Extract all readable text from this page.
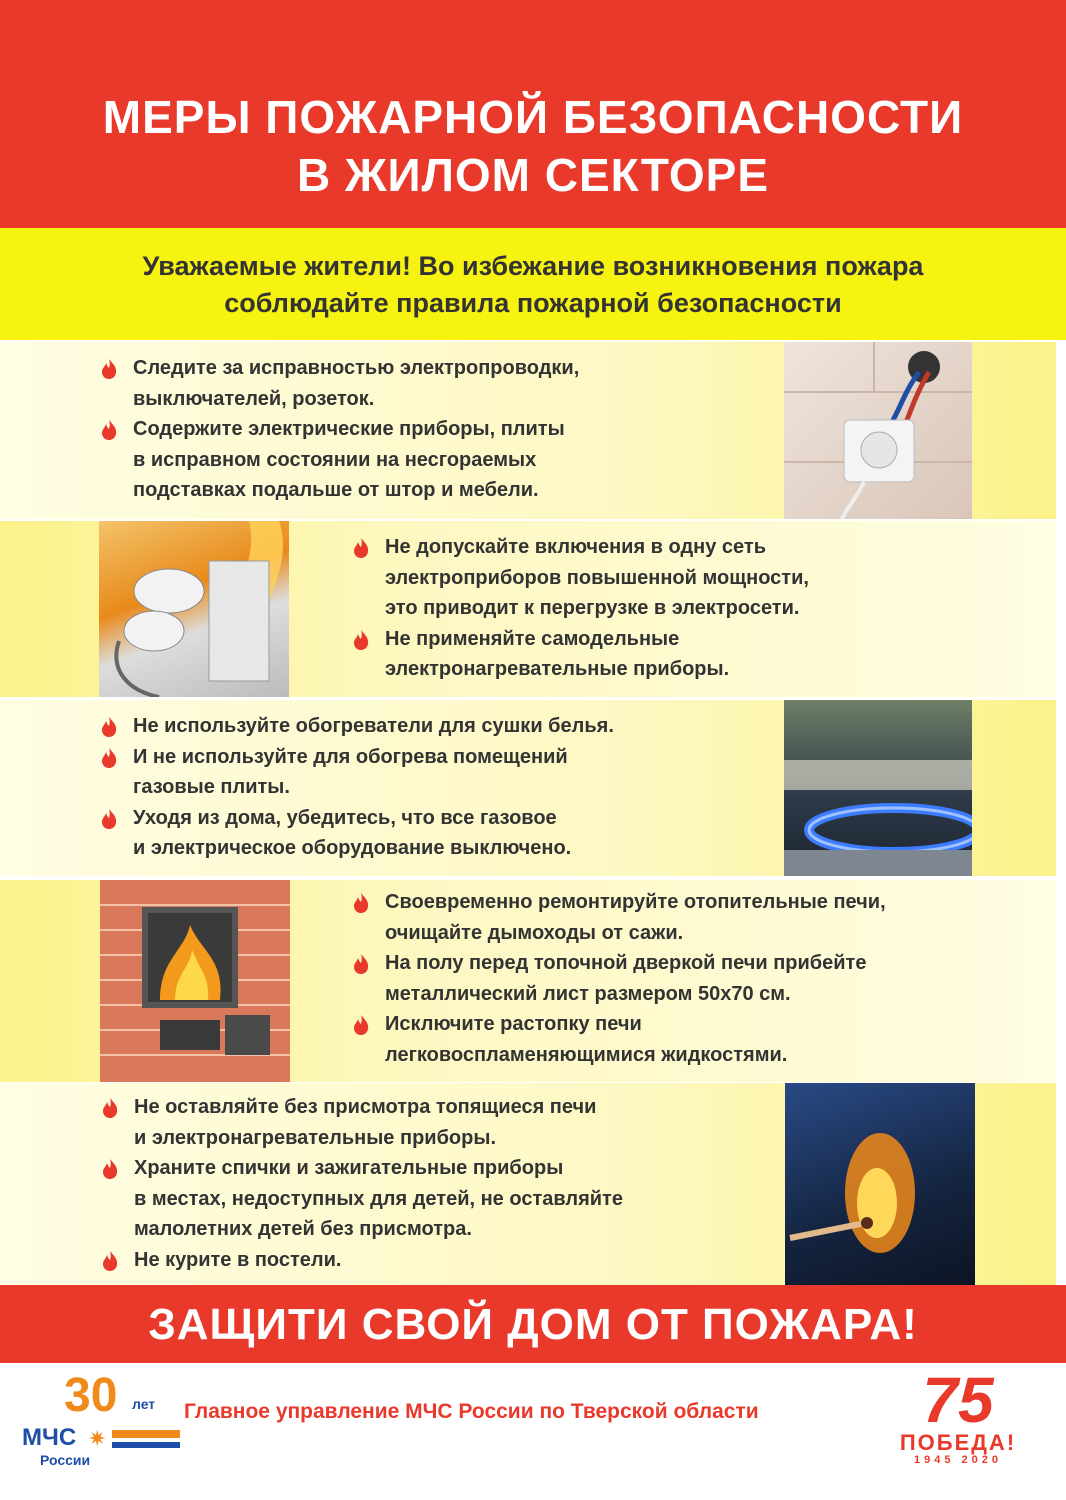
МЕРЫ ПОЖАРНОЙ БЕЗОПАСНОСТИ
В ЖИЛОМ СЕКТОРЕ

Уважаемые жители! Во избежание возникновения пожара
соблюдайте правила пожарной безопасности

Следите за исправностью электропроводки,
выключателей, розеток.
Содержите электрические приборы, плиты
в исправном состоянии на несгораемых
подставках подальше от штор и мебели.
Не допускайте включения в одну сеть
электроприборов повышенной мощности,
это приводит к перегрузке в электросети.
Не применяйте самодельные
электронагревательные приборы.
Не используйте обогреватели для сушки белья.
И не используйте для обогрева помещений
газовые плиты.
Уходя из дома, убедитесь, что все газовое
и электрическое оборудование выключено.
Своевременно ремонтируйте отопительные печи,
очищайте дымоходы от сажи.
На полу перед топочной дверкой печи прибейте
металлический лист размером 50х70 см.
Исключите растопку печи
легковоспламеняющимися жидкостями.
Не оставляйте без присмотра топящиеся печи
и электронагревательные приборы.
Храните спички и зажигательные приборы
в местах, недоступных для детей, не оставляйте
малолетних детей без присмотра.
Не курите в постели.
ЗАЩИТИ СВОЙ ДОМ ОТ ПОЖАРА!
30 лет
МЧС ✷
России
Главное управление МЧС России по Тверской области	75
ПОБЕДА!
1945 2020
